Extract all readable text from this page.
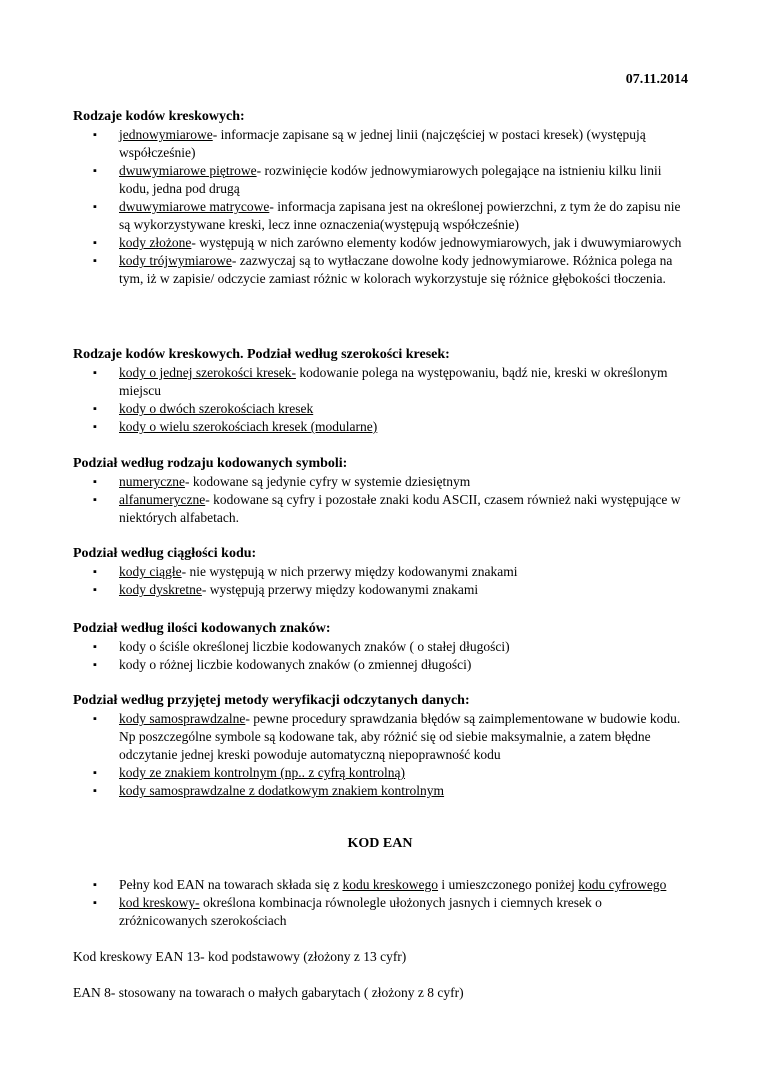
07.11.2014
Rodzaje kodów kreskowych:
▪ jednowymiarowe- informacje zapisane są w jednej linii (najczęściej w postaci kresek) (występują współcześnie)
▪ dwuwymiarowe piętrowe- rozwinięcie kodów jednowymiarowych polegające na istnieniu kilku linii kodu, jedna pod drugą
▪ dwuwymiarowe matrycowe- informacja zapisana jest na określonej powierzchni, z tym że do zapisu nie są wykorzystywane kreski, lecz inne oznaczenia(występują współcześnie)
▪ kody złożone- występują w nich zarówno elementy kodów jednowymiarowych, jak i dwuwymiarowych
▪ kody trójwymiarowe- zazwyczaj są to wytłaczane dowolne kody jednowymiarowe. Różnica polega na tym, iż w zapisie/ odczycie zamiast różnic w kolorach wykorzystuje się różnice głębokości tłoczenia.
Rodzaje kodów kreskowych. Podział według szerokości kresek:
▪ kody o jednej szerokości kresek- kodowanie polega na występowaniu, bądź nie, kreski w określonym miejscu
▪ kody o dwóch szerokościach kresek
▪ kody o wielu szerokościach kresek (modularne)
Podział według rodzaju kodowanych symboli:
▪ numeryczne- kodowane są jedynie cyfry w systemie dziesiętnym
▪ alfanumeryczne- kodowane są cyfry i pozostałe znaki kodu ASCII, czasem również naki występujące w niektórych alfabetach.
Podział według ciągłości kodu:
▪ kody ciągłe- nie występują w nich przerwy między kodowanymi znakami
▪ kody dyskretne- występują przerwy między kodowanymi znakami
Podział według ilości kodowanych znaków:
▪ kody o ściśle określonej liczbie kodowanych znaków ( o stałej długości)
▪ kody o różnej liczbie kodowanych znaków (o zmiennej długości)
Podział według przyjętej metody weryfikacji odczytanych danych:
▪ kody samosprawdzalne- pewne procedury sprawdzania błędów są zaimplementowane w budowie kodu. Np poszczególne symbole są kodowane tak, aby różnić się od siebie maksymalnie, a zatem błędne odczytanie jednej kreski powoduje automatyczną niepoprawność kodu
▪ kody ze znakiem kontrolnym (np.. z cyfrą kontrolną)
▪ kody samosprawdzalne z dodatkowym znakiem kontrolnym
KOD EAN
▪ Pełny kod EAN na towarach składa się z kodu kreskowego i umieszczonego poniżej kodu cyfrowego
▪ kod kreskowy- określona kombinacja równolegle ułożonych jasnych i ciemnych kresek o zróżnicowanych szerokościach
Kod kreskowy EAN 13- kod podstawowy (złożony z 13 cyfr)
EAN 8- stosowany na towarach o małych gabarytach ( złożony z 8 cyfr)
